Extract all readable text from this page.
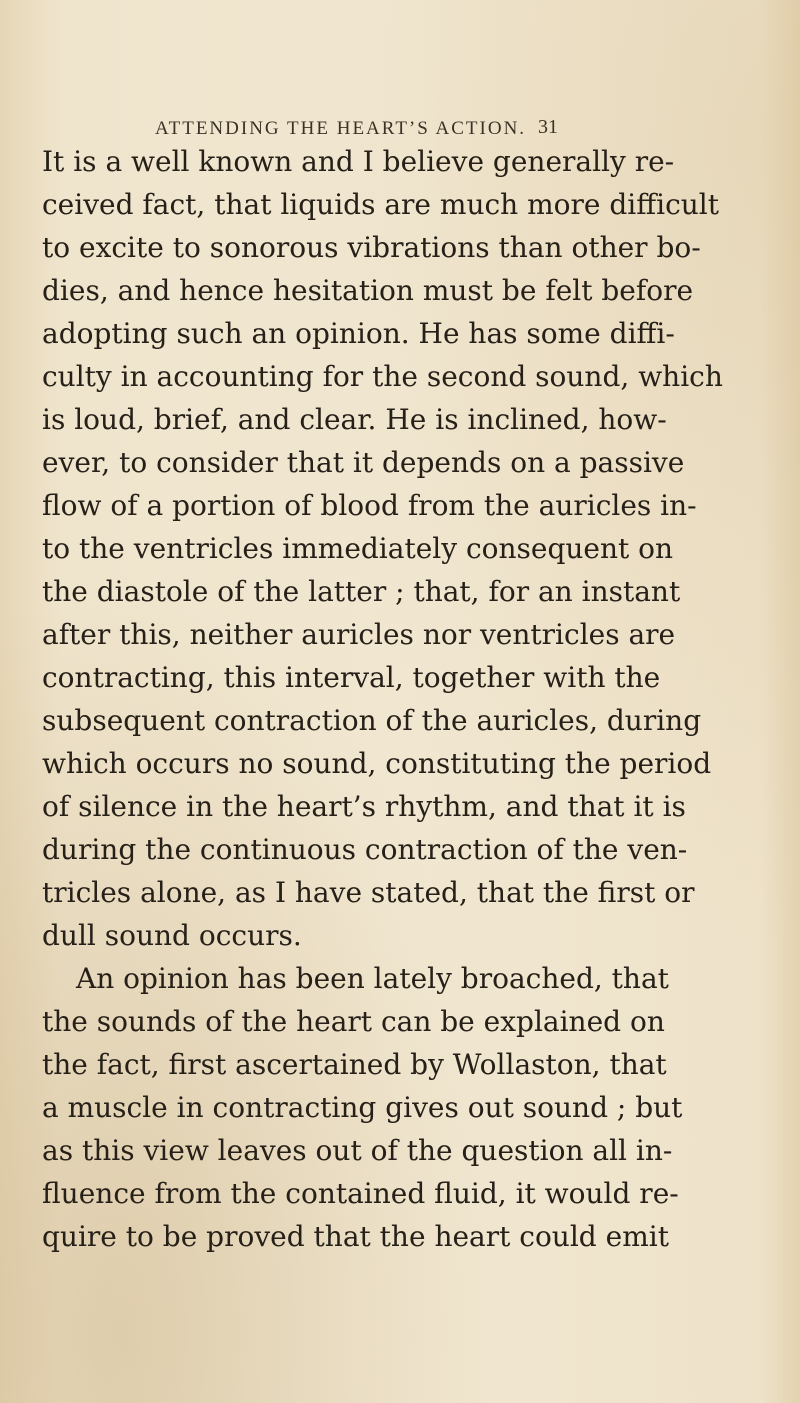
ATTENDING THE HEART’S ACTION. 31
It is a well known and I believe generally re-
ceived fact, that liquids are much more difficult
to excite to sonorous vibrations than other bo-
dies, and hence hesitation must be felt before
adopting such an opinion. He has some diffi-
culty in accounting for the second sound, which
is loud, brief, and clear. He is inclined, how-
ever, to consider that it depends on a passive
flow of a portion of blood from the auricles in-
to the ventricles immediately consequent on
the diastole of the latter ; that, for an instant
after this, neither auricles nor ventricles are
contracting, this interval, together with the
subsequent contraction of the auricles, during
which occurs no sound, constituting the period
of silence in the heart’s rhythm, and that it is
during the continuous contraction of the ven-
tricles alone, as I have stated, that the first or
dull sound occurs.
An opinion has been lately broached, that
the sounds of the heart can be explained on
the fact, first ascertained by Wollaston, that
a muscle in contracting gives out sound ; but
as this view leaves out of the question all in-
fluence from the contained fluid, it would re-
quire to be proved that the heart could emit
